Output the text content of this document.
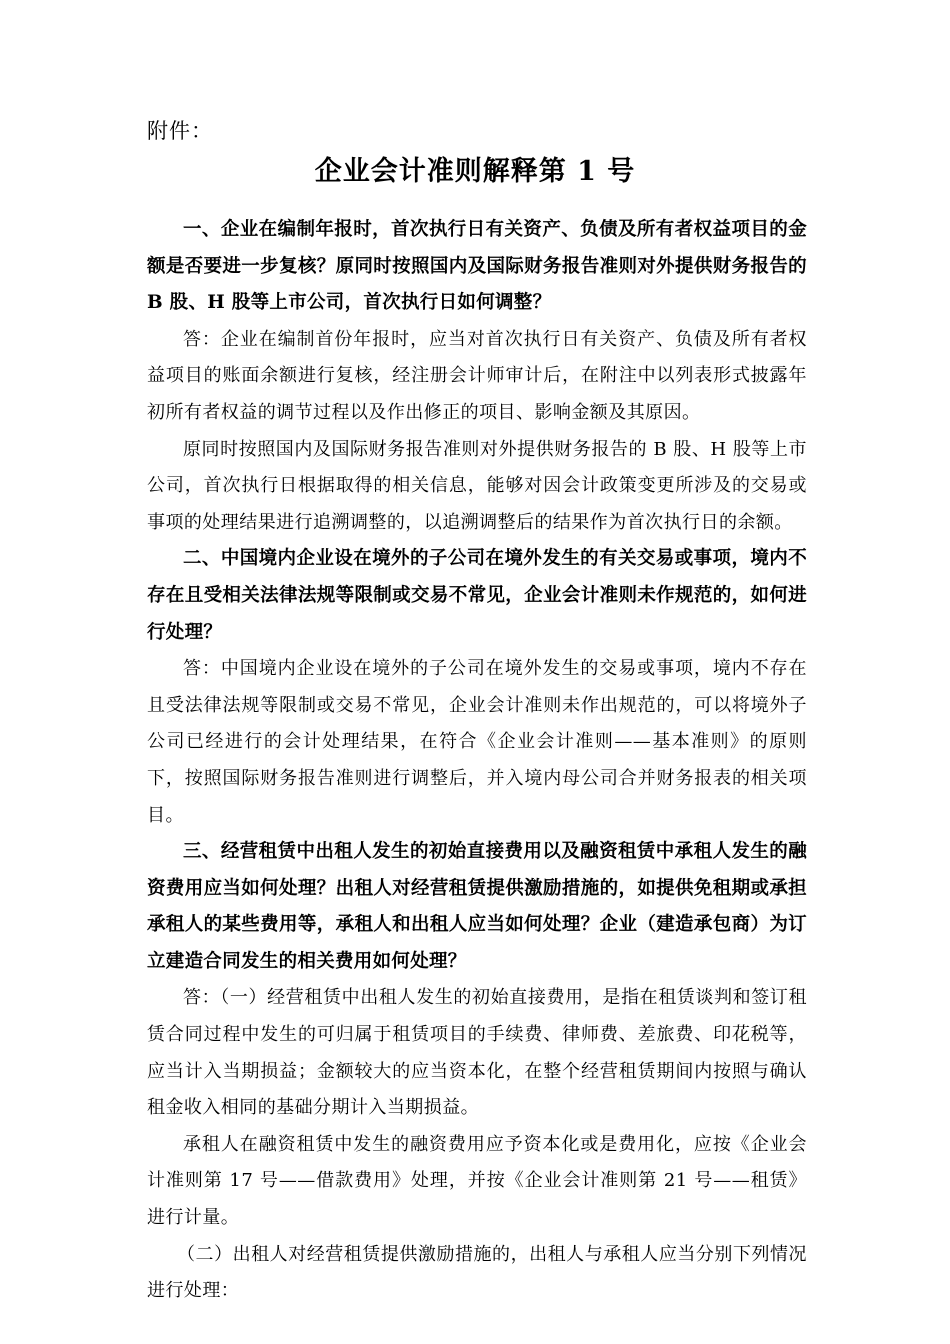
附件：
企业会计准则解释第 1 号

一、企业在编制年报时，首次执行日有关资产、负债及所有者权益项目的金额是否要进一步复核？原同时按照国内及国际财务报告准则对外提供财务报告的 B 股、H 股等上市公司，首次执行日如何调整？

答：企业在编制首份年报时，应当对首次执行日有关资产、负债及所有者权益项目的账面余额进行复核，经注册会计师审计后，在附注中以列表形式披露年初所有者权益的调节过程以及作出修正的项目、影响金额及其原因。

原同时按照国内及国际财务报告准则对外提供财务报告的 B 股、H 股等上市公司，首次执行日根据取得的相关信息，能够对因会计政策变更所涉及的交易或事项的处理结果进行追溯调整的，以追溯调整后的结果作为首次执行日的余额。

二、中国境内企业设在境外的子公司在境外发生的有关交易或事项，境内不存在且受相关法律法规等限制或交易不常见，企业会计准则未作规范的，如何进行处理？

答：中国境内企业设在境外的子公司在境外发生的交易或事项，境内不存在且受法律法规等限制或交易不常见，企业会计准则未作出规范的，可以将境外子公司已经进行的会计处理结果，在符合《企业会计准则——基本准则》的原则下，按照国际财务报告准则进行调整后，并入境内母公司合并财务报表的相关项目。

三、经营租赁中出租人发生的初始直接费用以及融资租赁中承租人发生的融资费用应当如何处理？出租人对经营租赁提供激励措施的，如提供免租期或承担承租人的某些费用等，承租人和出租人应当如何处理？企业（建造承包商）为订立建造合同发生的相关费用如何处理？

答：（一）经营租赁中出租人发生的初始直接费用，是指在租赁谈判和签订租赁合同过程中发生的可归属于租赁项目的手续费、律师费、差旅费、印花税等，应当计入当期损益；金额较大的应当资本化，在整个经营租赁期间内按照与确认租金收入相同的基础分期计入当期损益。

承租人在融资租赁中发生的融资费用应予资本化或是费用化，应按《企业会计准则第 17 号——借款费用》处理，并按《企业会计准则第 21 号——租赁》进行计量。

（二）出租人对经营租赁提供激励措施的，出租人与承租人应当分别下列情况进行处理：
